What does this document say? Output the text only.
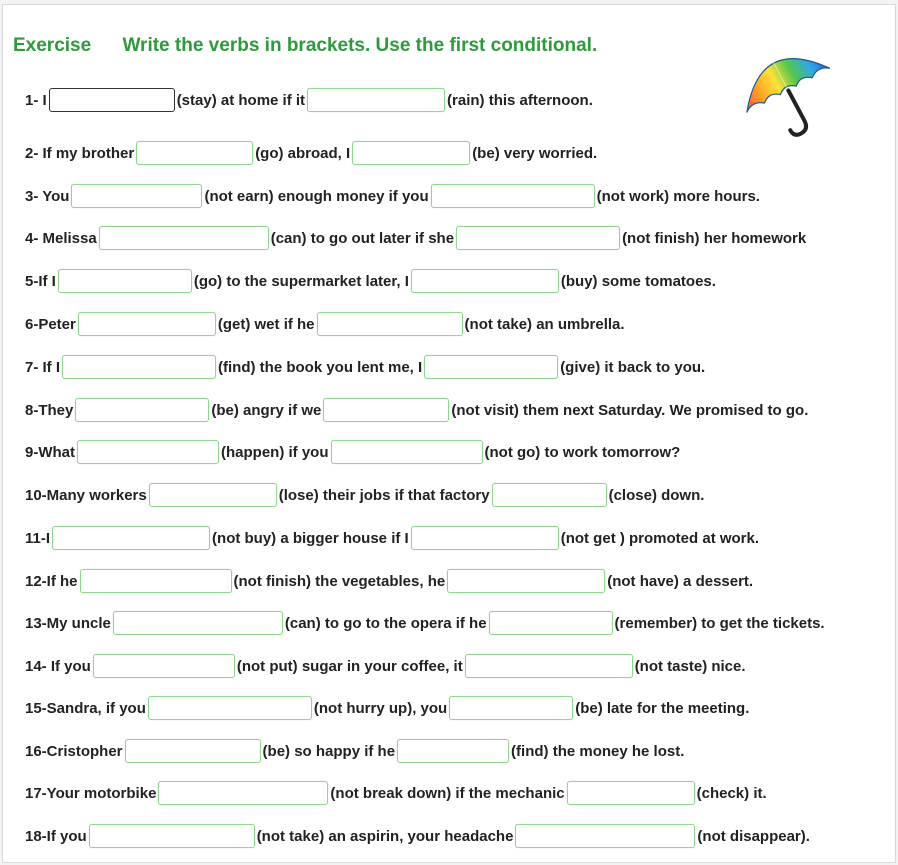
Exercise Write the verbs in brackets. Use the first conditional.
1- I	(stay) at home if it	(rain) this afternoon.
2- If my brother	(go) abroad, I	(be) very worried.
3- You	(not earn) enough money if you	(not work) more hours.
4- Melissa	(can) to go out later if she	(not finish) her homework
5-If I	(go) to the supermarket later, I	(buy) some tomatoes.
6-Peter	(get) wet if he	(not take) an umbrella.
7- If I	(find) the book you lent me, I	(give) it back to you.
8-They	(be) angry if we	(not visit) them next Saturday. We promised to go.
9-What	(happen) if you	(not go) to work tomorrow?
10-Many workers	(lose) their jobs if that factory	(close) down.
11-I	(not buy) a bigger house if I	(not get ) promoted at work.
12-If he	(not finish) the vegetables, he	(not have) a dessert.
13-My uncle	(can) to go to the opera if he	(remember) to get the tickets.
14- If you	(not put) sugar in your coffee, it	(not taste) nice.
15-Sandra, if you	(not hurry up), you	(be) late for the meeting.
16-Cristopher	(be) so happy if he	(find) the money he lost.
17-Your motorbike	(not break down) if the mechanic	(check) it.
18-If you	(not take) an aspirin, your headache	(not disappear).
